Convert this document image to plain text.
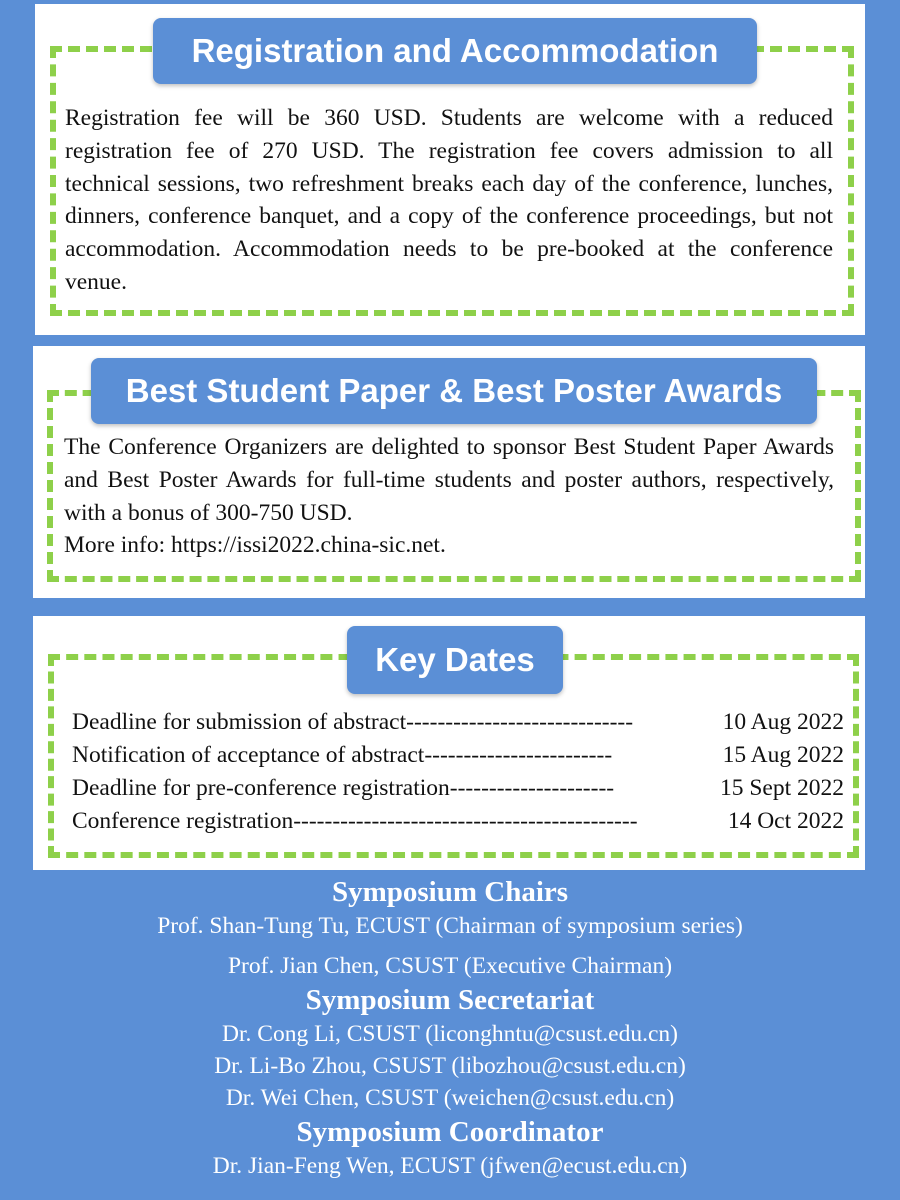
Registration and Accommodation
Registration fee will be 360 USD. Students are welcome with a reduced registration fee of 270 USD. The registration fee covers admission to all technical sessions, two refreshment breaks each day of the conference, lunches, dinners, conference banquet, and a copy of the conference proceedings, but not accommodation. Accommodation needs to be pre-booked at the conference venue.
Best Student Paper & Best Poster Awards
The Conference Organizers are delighted to sponsor Best Student Paper Awards and Best Poster Awards for full-time students and poster authors, respectively, with a bonus of 300-750 USD.
More info: https://issi2022.china-sic.net.
Key Dates
Deadline for submission of abstract-----------------------------	10 Aug 2022
Notification of acceptance of abstract------------------------	15 Aug 2022
Deadline for pre-conference registration---------------------	15 Sept 2022
Conference registration--------------------------------------------	14 Oct 2022
Symposium Chairs
Prof. Shan-Tung Tu, ECUST (Chairman of symposium series)
Prof. Jian Chen, CSUST (Executive Chairman)
Symposium Secretariat
Dr. Cong Li, CSUST (liconghntu@csust.edu.cn)
Dr. Li-Bo Zhou, CSUST (libozhou@csust.edu.cn)
Dr. Wei Chen, CSUST (weichen@csust.edu.cn)
Symposium Coordinator
Dr. Jian-Feng Wen, ECUST (jfwen@ecust.edu.cn)
